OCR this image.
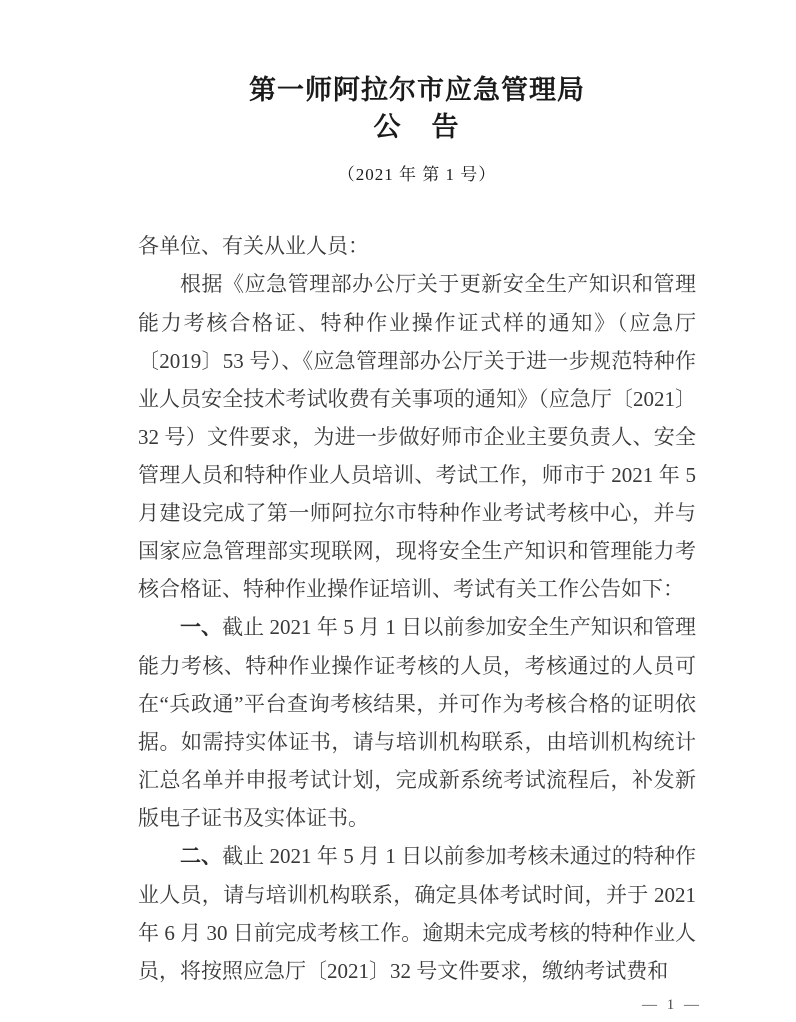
第一师阿拉尔市应急管理局
公　告
（2021 年 第 1 号）

各单位、有关从业人员：

根据《应急管理部办公厅关于更新安全生产知识和管理能力考核合格证、特种作业操作证式样的通知》（应急厅〔2019〕53 号）、《应急管理部办公厅关于进一步规范特种作业人员安全技术考试收费有关事项的通知》（应急厅〔2021〕32 号）文件要求，为进一步做好师市企业主要负责人、安全管理人员和特种作业人员培训、考试工作，师市于 2021 年 5 月建设完成了第一师阿拉尔市特种作业考试考核中心，并与国家应急管理部实现联网，现将安全生产知识和管理能力考核合格证、特种作业操作证培训、考试有关工作公告如下：

一、截止 2021 年 5 月 1 日以前参加安全生产知识和管理能力考核、特种作业操作证考核的人员，考核通过的人员可在“兵政通”平台查询考核结果，并可作为考核合格的证明依据。如需持实体证书，请与培训机构联系，由培训机构统计汇总名单并申报考试计划，完成新系统考试流程后，补发新版电子证书及实体证书。

二、截止 2021 年 5 月 1 日以前参加考核未通过的特种作业人员，请与培训机构联系，确定具体考试时间，并于 2021 年 6 月 30 日前完成考核工作。逾期未完成考核的特种作业人员，将按照应急厅〔2021〕32 号文件要求，缴纳考试费和

— 1 —
